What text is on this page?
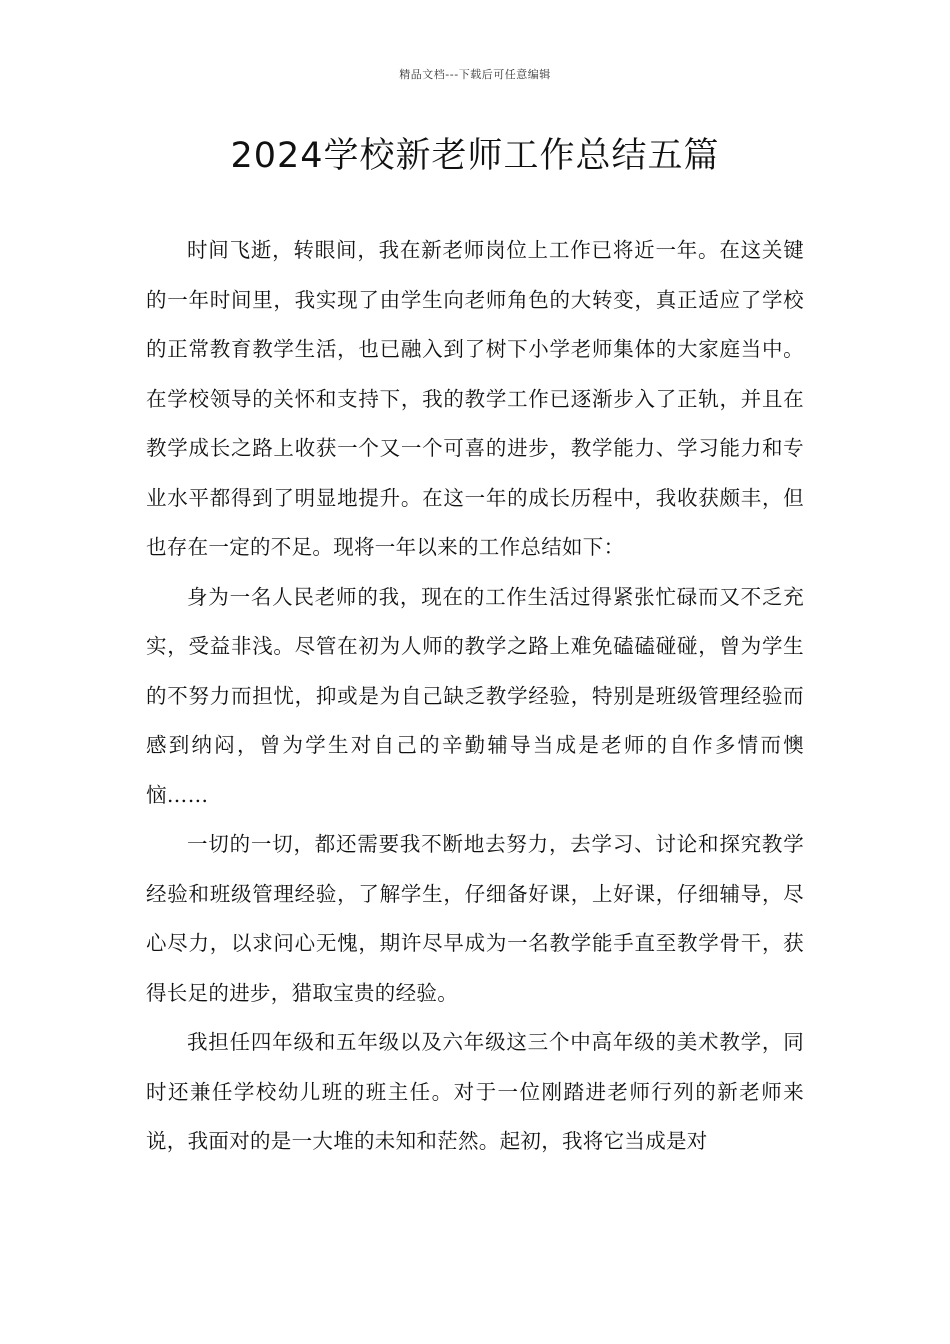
精品文档---下载后可任意编辑
2024学校新老师工作总结五篇

时间飞逝，转眼间，我在新老师岗位上工作已将近一年。在这关键的一年时间里，我实现了由学生向老师角色的大转变，真正适应了学校的正常教育教学生活，也已融入到了树下小学老师集体的大家庭当中。在学校领导的关怀和支持下，我的教学工作已逐渐步入了正轨，并且在教学成长之路上收获一个又一个可喜的进步，教学能力、学习能力和专业水平都得到了明显地提升。在这一年的成长历程中，我收获颇丰，但也存在一定的不足。现将一年以来的工作总结如下：

身为一名人民老师的我，现在的工作生活过得紧张忙碌而又不乏充实，受益非浅。尽管在初为人师的教学之路上难免磕磕碰碰，曾为学生的不努力而担忧，抑或是为自己缺乏教学经验，特别是班级管理经验而感到纳闷，曾为学生对自己的辛勤辅导当成是老师的自作多情而懊恼……

一切的一切，都还需要我不断地去努力，去学习、讨论和探究教学经验和班级管理经验，了解学生，仔细备好课，上好课，仔细辅导，尽心尽力，以求问心无愧，期许尽早成为一名教学能手直至教学骨干，获得长足的进步，猎取宝贵的经验。

我担任四年级和五年级以及六年级这三个中高年级的美术教学，同时还兼任学校幼儿班的班主任。对于一位刚踏进老师行列的新老师来说，我面对的是一大堆的未知和茫然。起初，我将它当成是对
